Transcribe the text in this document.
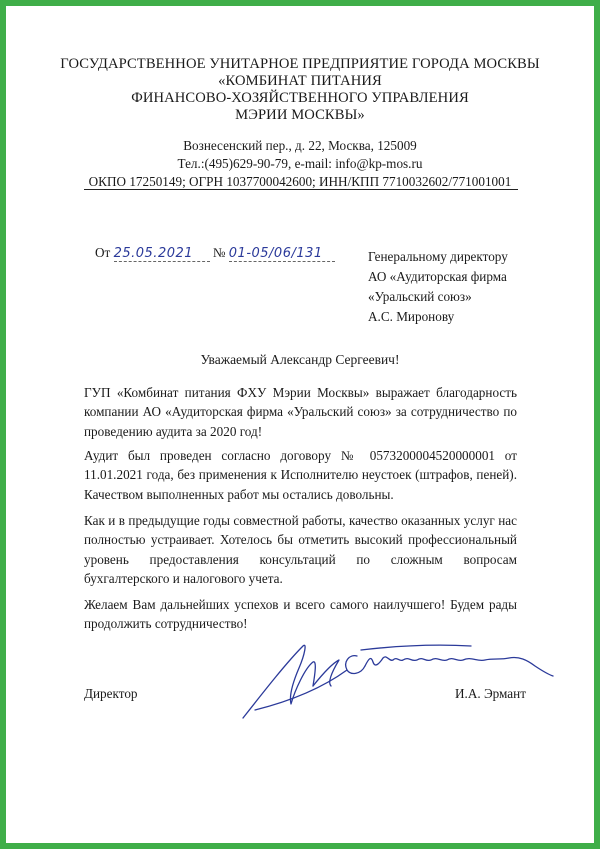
ГОСУДАРСТВЕННОЕ УНИТАРНОЕ ПРЕДПРИЯТИЕ ГОРОДА МОСКВЫ
«КОМБИНАТ ПИТАНИЯ
ФИНАНСОВО-ХОЗЯЙСТВЕННОГО УПРАВЛЕНИЯ
МЭРИИ МОСКВЫ»
Вознесенский пер., д. 22, Москва, 125009
Тел.:(495)629-90-79, e-mail: info@kp-mos.ru
ОКПО 17250149; ОГРН 1037700042600; ИНН/КПП 7710032602/771001001
От 25.05.2021 № 01-05/06/131	Генеральному директору
АО «Аудиторская фирма
«Уральский союз»
А.С. Миронову
Уважаемый Александр Сергеевич!
ГУП «Комбинат питания ФХУ Мэрии Москвы» выражает благодарность компании АО «Аудиторская фирма «Уральский союз» за сотрудничество по проведению аудита за 2020 год!
Аудит был проведен согласно договору № 0573200004520000001 от 11.01.2021 года, без применения к Исполнителю неустоек (штрафов, пеней). Качеством выполненных работ мы остались довольны.
Как и в предыдущие годы совместной работы, качество оказанных услуг нас полностью устраивает. Хотелось бы отметить высокий профессиональный уровень предоставления консультаций по сложным вопросам бухгалтерского и налогового учета.
Желаем Вам дальнейших успехов и всего самого наилучшего! Будем рады продолжить сотрудничество!
Директор	И.А. Эрмант
